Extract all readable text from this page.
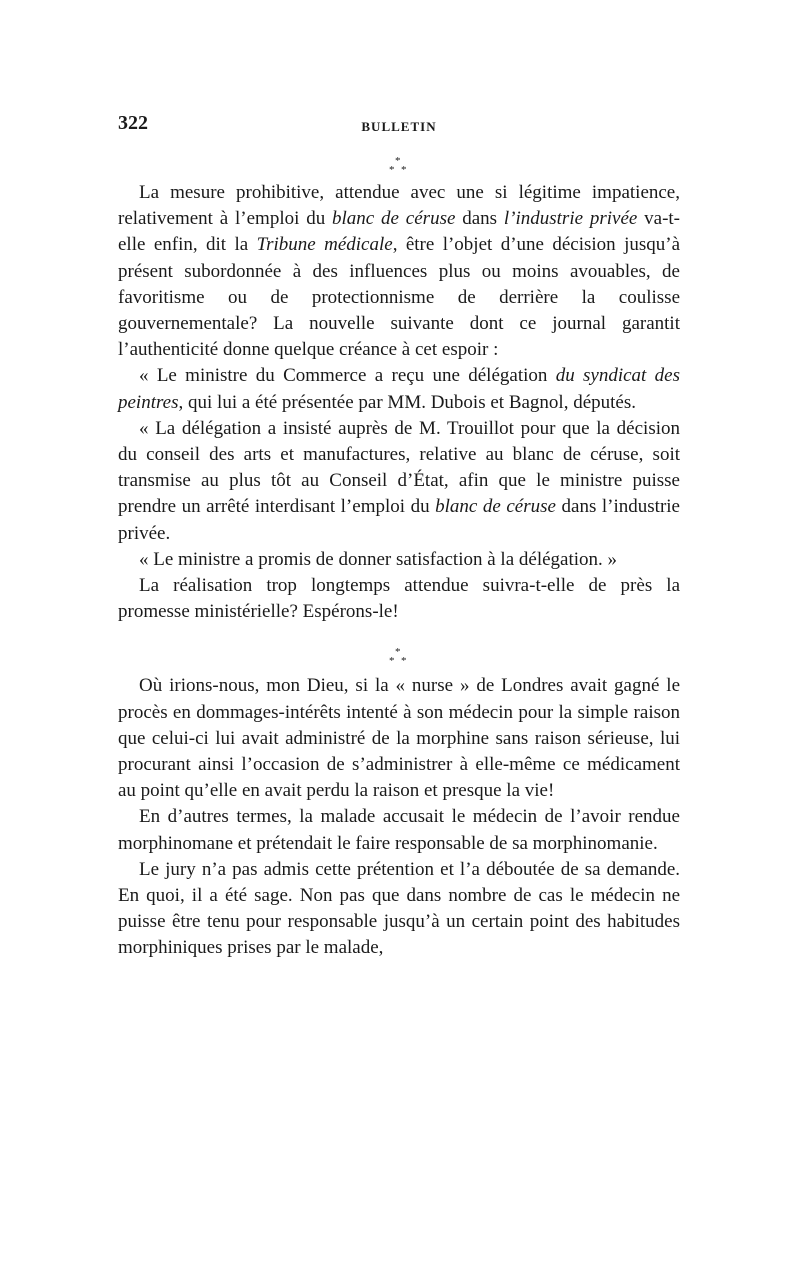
322	BULLETIN
*
* *

La mesure prohibitive, attendue avec une si légitime impatience, relativement à l’emploi du blanc de céruse dans l’industrie privée va-t-elle enfin, dit la Tribune médicale, être l’objet d’une décision jusqu’à présent subordonnée à des influences plus ou moins avouables, de favoritisme ou de protectionnisme de derrière la coulisse gouvernementale? La nouvelle suivante dont ce journal garantit l’authenticité donne quelque créance à cet espoir :

« Le ministre du Commerce a reçu une délégation du syndicat des peintres, qui lui a été présentée par MM. Dubois et Bagnol, députés.

« La délégation a insisté auprès de M. Trouillot pour que la décision du conseil des arts et manufactures, relative au blanc de céruse, soit transmise au plus tôt au Conseil d’État, afin que le ministre puisse prendre un arrêté interdisant l’emploi du blanc de céruse dans l’industrie privée.

« Le ministre a promis de donner satisfaction à la délégation. »

La réalisation trop longtemps attendue suivra-t-elle de près la promesse ministérielle? Espérons-le!

*
* *

Où irions-nous, mon Dieu, si la « nurse » de Londres avait gagné le procès en dommages-intérêts intenté à son médecin pour la simple raison que celui-ci lui avait administré de la morphine sans raison sérieuse, lui procurant ainsi l’occasion de s’administrer à elle-même ce médicament au point qu’elle en avait perdu la raison et presque la vie!

En d’autres termes, la malade accusait le médecin de l’avoir rendue morphinomane et prétendait le faire responsable de sa morphinomanie.

Le jury n’a pas admis cette prétention et l’a déboutée de sa demande. En quoi, il a été sage. Non pas que dans nombre de cas le médecin ne puisse être tenu pour responsable jusqu’à un certain point des habitudes morphiniques prises par le malade,
